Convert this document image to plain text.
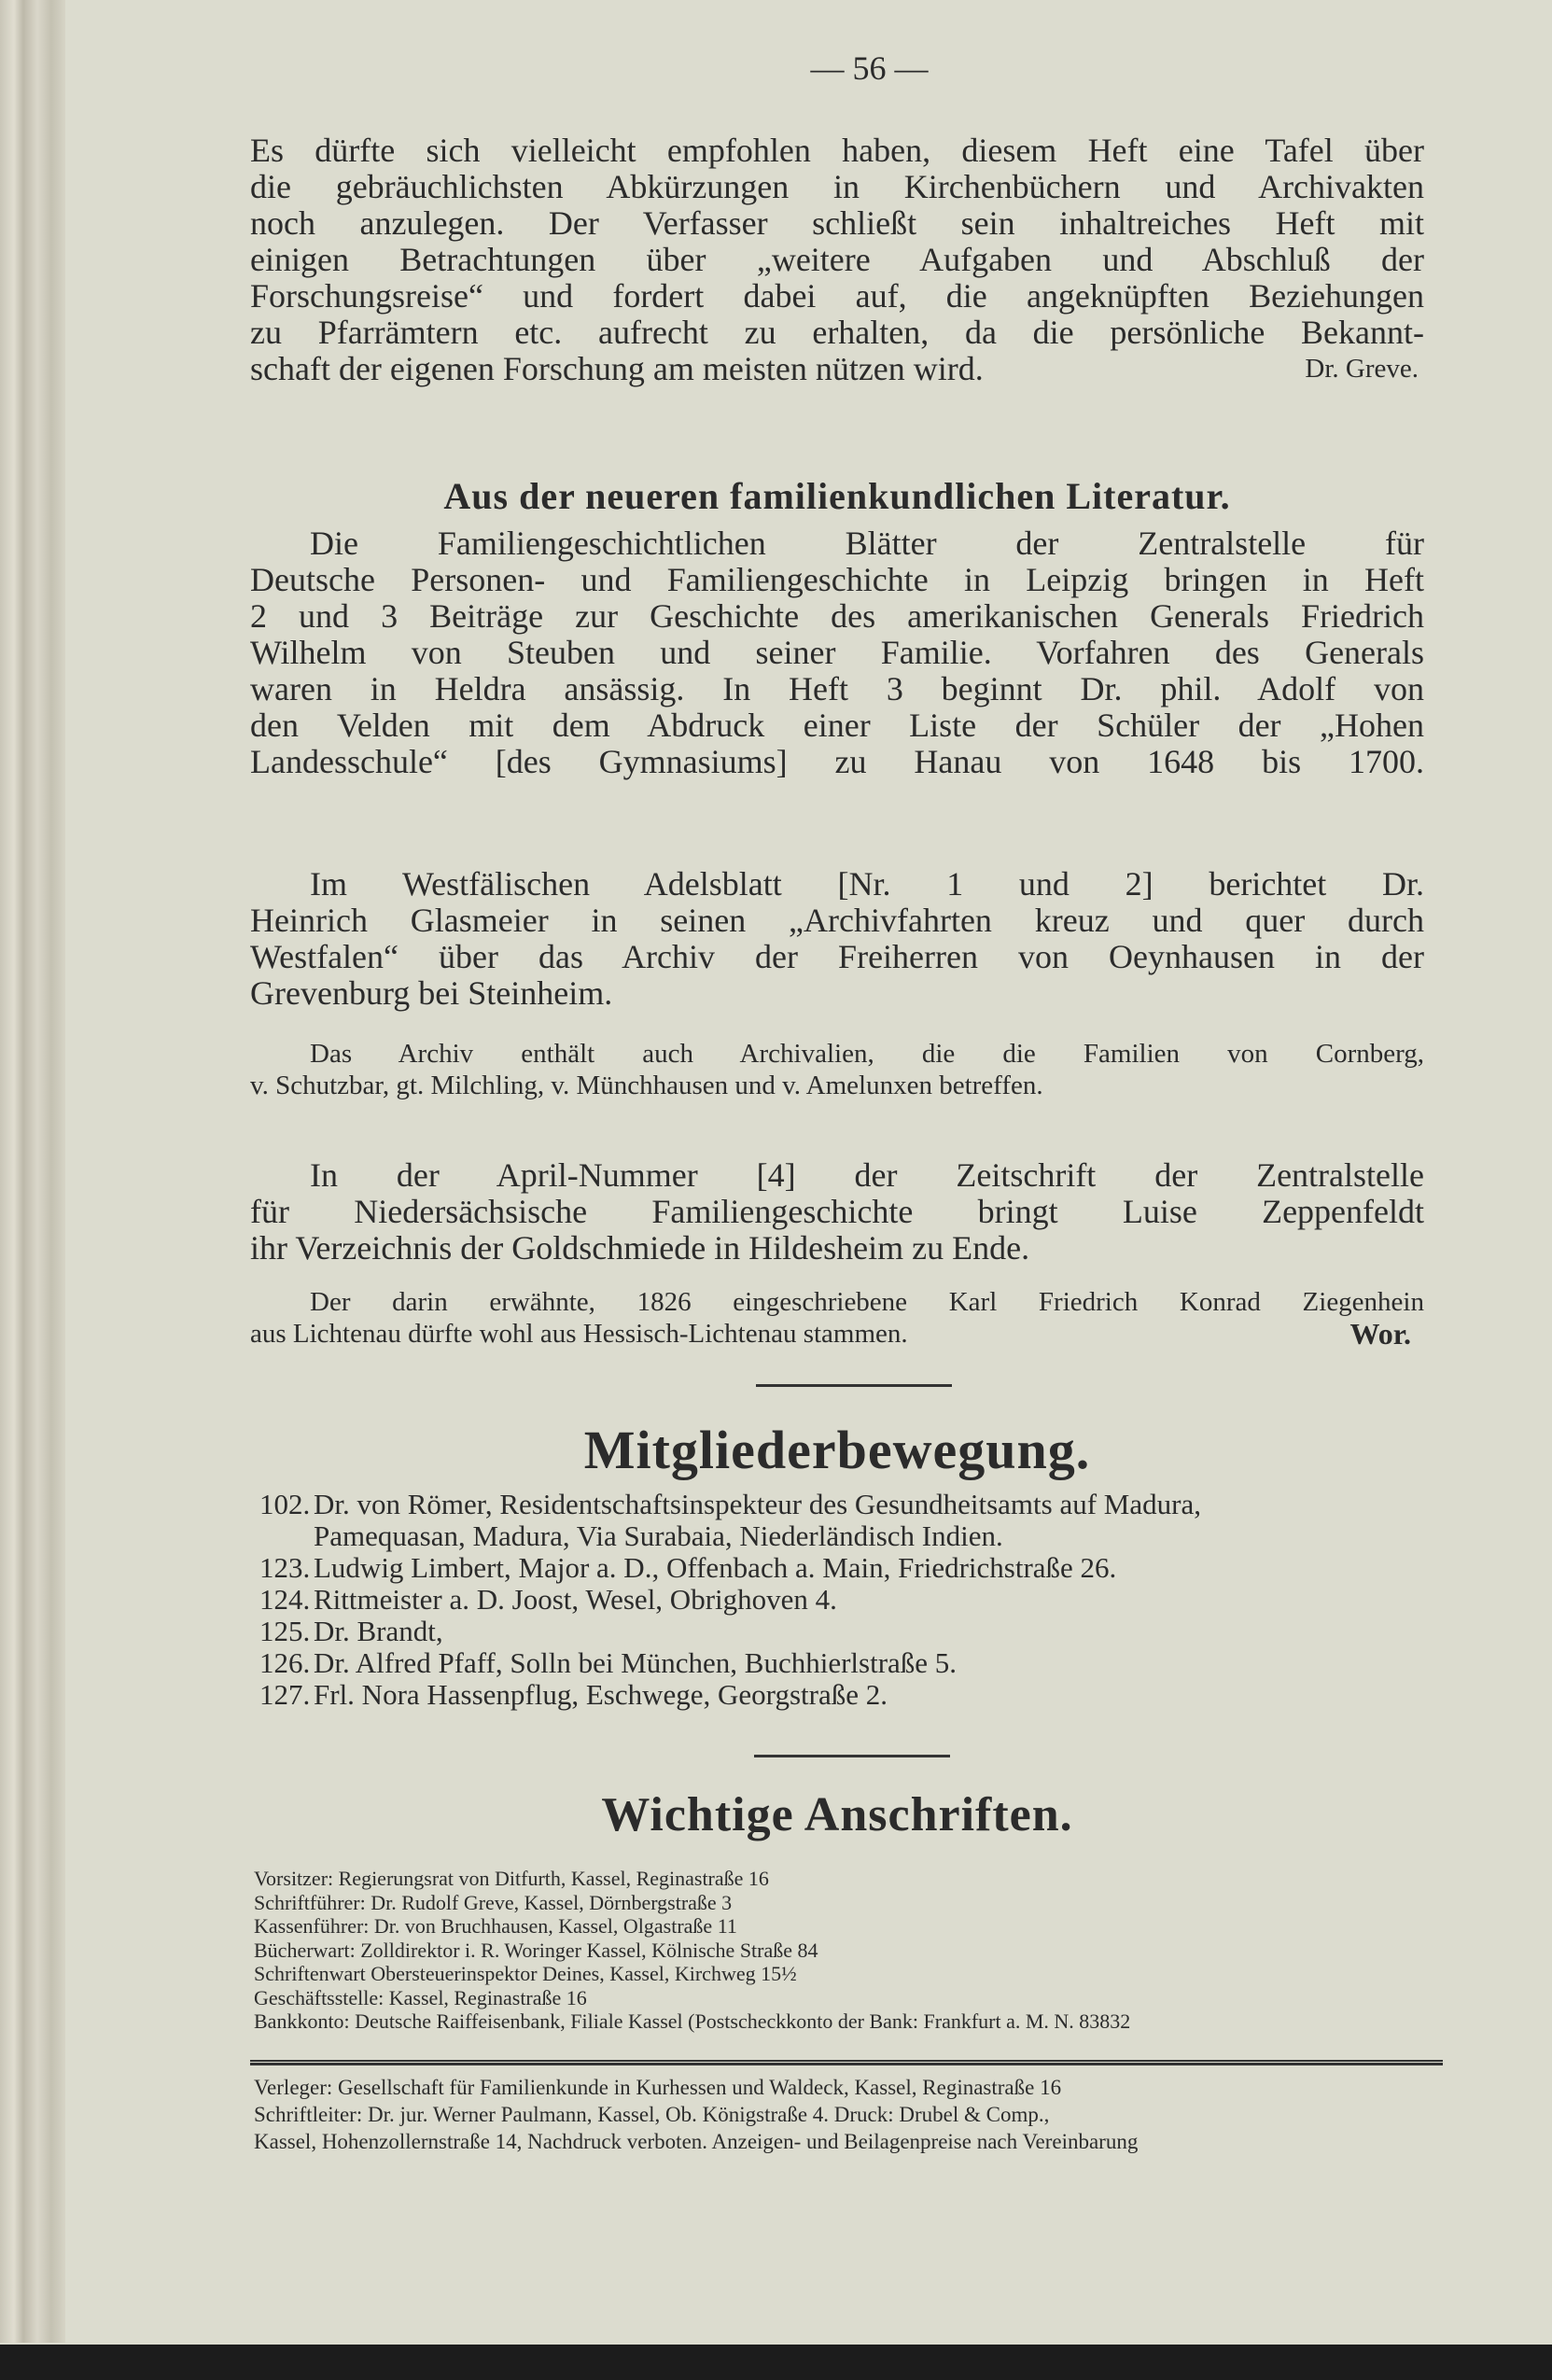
— 56 —
Es dürfte sich vielleicht empfohlen haben, diesem Heft eine Tafel über
die gebräuchlichsten Abkürzungen in Kirchenbüchern und Archivakten
noch anzulegen. Der Verfasser schließt sein inhaltreiches Heft mit
einigen Betrachtungen über „weitere Aufgaben und Abschluß der
Forschungsreise“ und fordert dabei auf, die angeknüpften Beziehungen
zu Pfarrämtern etc. aufrecht zu erhalten, da die persönliche Bekannt-
schaft der eigenen Forschung am meisten nützen wird.	Dr. Greve.
Aus der neueren familienkundlichen Literatur.
Die Familiengeschichtlichen Blätter der Zentralstelle für
Deutsche Personen- und Familiengeschichte in Leipzig bringen in Heft
2 und 3 Beiträge zur Geschichte des amerikanischen Generals Friedrich
Wilhelm von Steuben und seiner Familie. Vorfahren des Generals
waren in Heldra ansässig. In Heft 3 beginnt Dr. phil. Adolf von
den Velden mit dem Abdruck einer Liste der Schüler der „Hohen
Landesschule“ [des Gymnasiums] zu Hanau von 1648 bis 1700.
Im Westfälischen Adelsblatt [Nr. 1 und 2] berichtet Dr.
Heinrich Glasmeier in seinen „Archivfahrten kreuz und quer durch
Westfalen“ über das Archiv der Freiherren von Oeynhausen in der
Grevenburg bei Steinheim.
Das Archiv enthält auch Archivalien, die die Familien von Cornberg,
v. Schutzbar, gt. Milchling, v. Münchhausen und v. Amelunxen betreffen.
In der April-Nummer [4] der Zeitschrift der Zentralstelle
für Niedersächsische Familiengeschichte bringt Luise Zeppenfeldt
ihr Verzeichnis der Goldschmiede in Hildesheim zu Ende.
Der darin erwähnte, 1826 eingeschriebene Karl Friedrich Konrad Ziegenhein
aus Lichtenau dürfte wohl aus Hessisch-Lichtenau stammen.	Wor.
Mitgliederbewegung.
102. Dr. von Römer, Residentschaftsinspekteur des Gesundheitsamts auf Madura,
Pamequasan, Madura, Via Surabaia, Niederländisch Indien.
123. Ludwig Limbert, Major a. D., Offenbach a. Main, Friedrichstraße 26.
124. Rittmeister a. D. Joost, Wesel, Obrighoven 4.
125. Dr. Brandt,
126. Dr. Alfred Pfaff, Solln bei München, Buchhierlstraße 5.
127. Frl. Nora Hassenpflug, Eschwege, Georgstraße 2.
Wichtige Anschriften.
Vorsitzer: Regierungsrat von Ditfurth, Kassel, Reginastraße 16
Schriftführer: Dr. Rudolf Greve, Kassel, Dörnbergstraße 3
Kassenführer: Dr. von Bruchhausen, Kassel, Olgastraße 11
Bücherwart: Zolldirektor i. R. Woringer Kassel, Kölnische Straße 84
Schriftenwart Obersteuerinspektor Deines, Kassel, Kirchweg 15½
Geschäftsstelle: Kassel, Reginastraße 16
Bankkonto: Deutsche Raiffeisenbank, Filiale Kassel (Postscheckkonto der Bank: Frankfurt a. M. N. 83832
Verleger: Gesellschaft für Familienkunde in Kurhessen und Waldeck, Kassel, Reginastraße 16
Schriftleiter: Dr. jur. Werner Paulmann, Kassel, Ob. Königstraße 4. Druck: Drubel & Comp.,
Kassel, Hohenzollernstraße 14, Nachdruck verboten. Anzeigen- und Beilagenpreise nach Vereinbarung
